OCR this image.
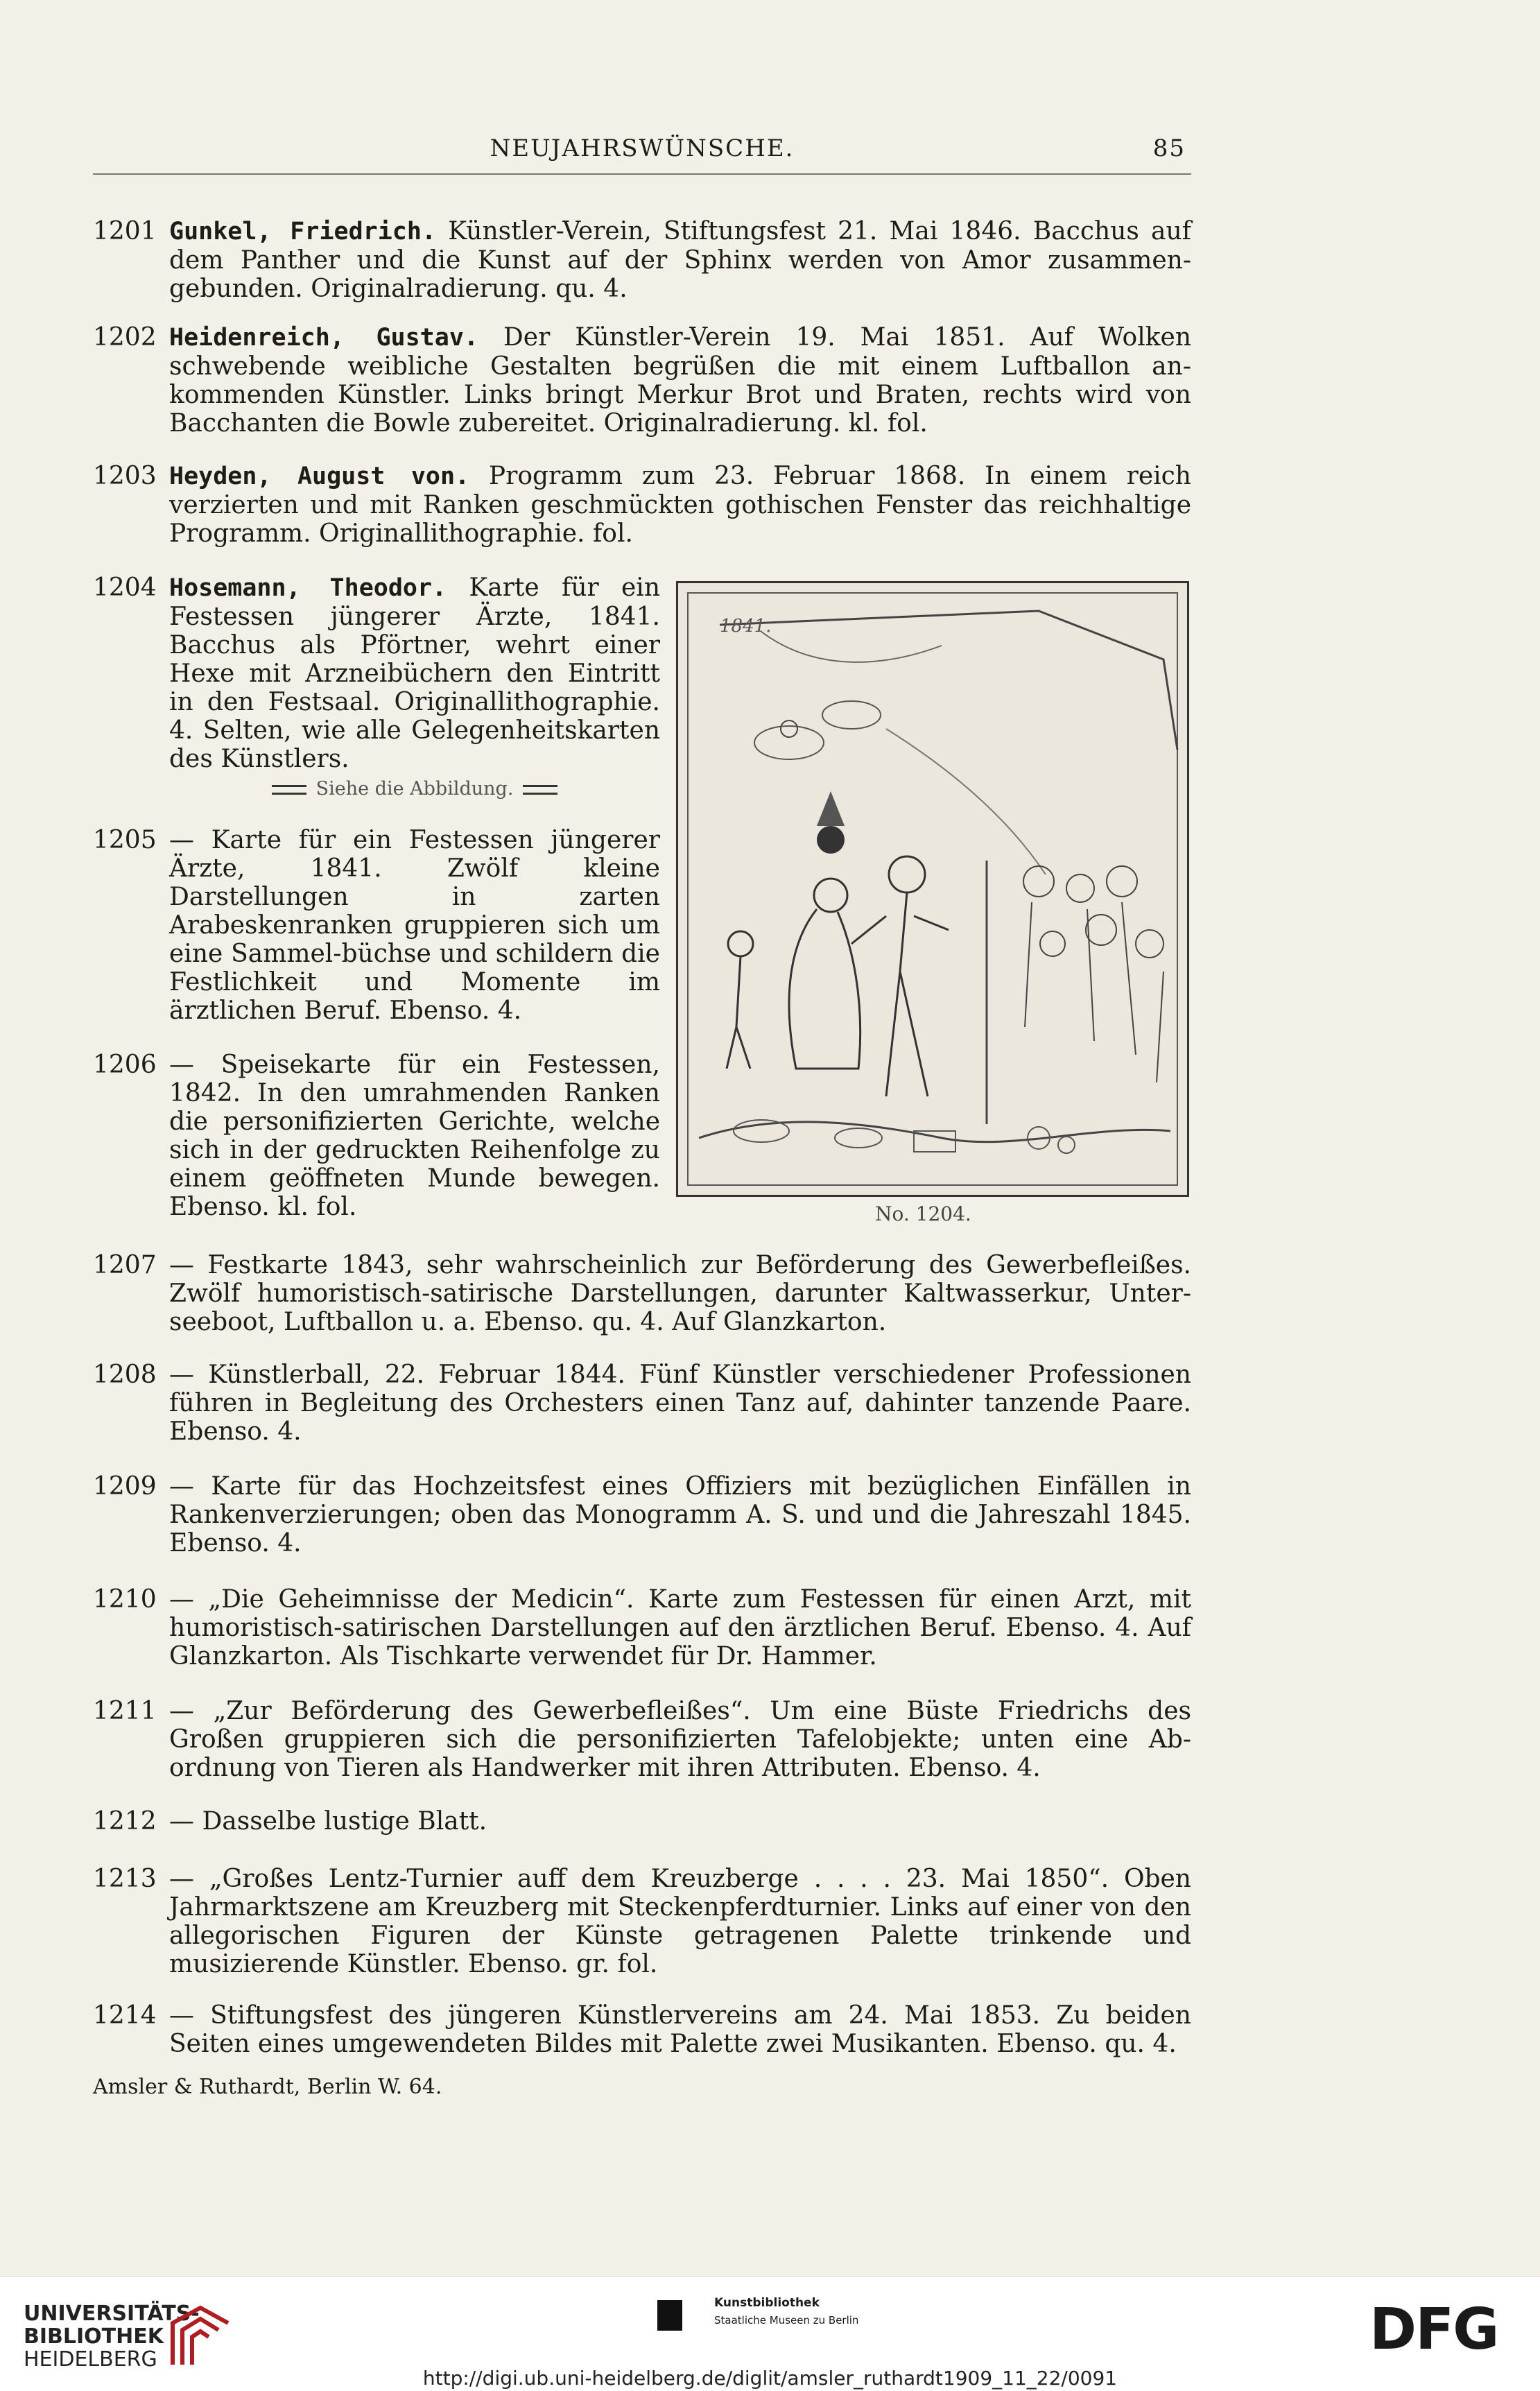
NEUJAHRSWÜNSCHE.	85
1201 Gunkel, Friedrich. Künstler-Verein, Stiftungsfest 21. Mai 1846. Bacchus auf dem Panther und die Kunst auf der Sphinx werden von Amor zusammen-gebunden. Originalradierung. qu. 4.
1202 Heidenreich, Gustav. Der Künstler-Verein 19. Mai 1851. Auf Wolken schwebende weibliche Gestalten begrüßen die mit einem Luftballon an-kommenden Künstler. Links bringt Merkur Brot und Braten, rechts wird von Bacchanten die Bowle zubereitet. Originalradierung. kl. fol.
1203 Heyden, August von. Programm zum 23. Februar 1868. In einem reich verzierten und mit Ranken geschmückten gothischen Fenster das reichhaltige Programm. Originallithographie. fol.
1204 Hosemann, Theodor. Karte für ein Festessen jüngerer Ärzte, 1841. Bacchus als Pförtner, wehrt einer Hexe mit Arzneibüchern den Eintritt in den Festsaal. Originallithographie. 4. Selten, wie alle Gelegenheitskarten des Künstlers.
Siehe die Abbildung.
1205 — Karte für ein Festessen jüngerer Ärzte, 1841. Zwölf kleine Darstellungen in zarten Arabeskenranken gruppieren sich um eine Sammel-büchse und schildern die Festlichkeit und Momente im ärztlichen Beruf. Ebenso. 4.
1206 — Speisekarte für ein Festessen, 1842. In den umrahmenden Ranken die personifizierten Gerichte, welche sich in der gedruckten Reihenfolge zu einem geöffneten Munde bewegen. Ebenso. kl. fol.
1841.
No. 1204.
1207 — Festkarte 1843, sehr wahrscheinlich zur Beförderung des Gewerbefleißes. Zwölf humoristisch-satirische Darstellungen, darunter Kaltwasserkur, Unter-seeboot, Luftballon u. a. Ebenso. qu. 4. Auf Glanzkarton.
1208 — Künstlerball, 22. Februar 1844. Fünf Künstler verschiedener Professionen führen in Begleitung des Orchesters einen Tanz auf, dahinter tanzende Paare. Ebenso. 4.
1209 — Karte für das Hochzeitsfest eines Offiziers mit bezüglichen Einfällen in Rankenverzierungen; oben das Monogramm A. S. und und die Jahreszahl 1845. Ebenso. 4.
1210 — „Die Geheimnisse der Medicin“. Karte zum Festessen für einen Arzt, mit humoristisch-satirischen Darstellungen auf den ärztlichen Beruf. Ebenso. 4. Auf Glanzkarton. Als Tischkarte verwendet für Dr. Hammer.
1211 — „Zur Beförderung des Gewerbefleißes“. Um eine Büste Friedrichs des Großen gruppieren sich die personifizierten Tafelobjekte; unten eine Ab-ordnung von Tieren als Handwerker mit ihren Attributen. Ebenso. 4.
1212 — Dasselbe lustige Blatt.
1213 — „Großes Lentz-Turnier auff dem Kreuzberge . . . . 23. Mai 1850“. Oben Jahrmarktszene am Kreuzberg mit Steckenpferdturnier. Links auf einer von den allegorischen Figuren der Künste getragenen Palette trinkende und musizierende Künstler. Ebenso. gr. fol.
1214 — Stiftungsfest des jüngeren Künstlervereins am 24. Mai 1853. Zu beiden Seiten eines umgewendeten Bildes mit Palette zwei Musikanten. Ebenso. qu. 4.
Amsler & Ruthardt, Berlin W. 64.
UNIVERSITÄTS-
BIBLIOTHEK
HEIDELBERG
Kunstbibliothek
Staatliche Museen zu Berlin	DFG
http://digi.ub.uni-heidelberg.de/diglit/amsler_ruthardt1909_11_22/0091
